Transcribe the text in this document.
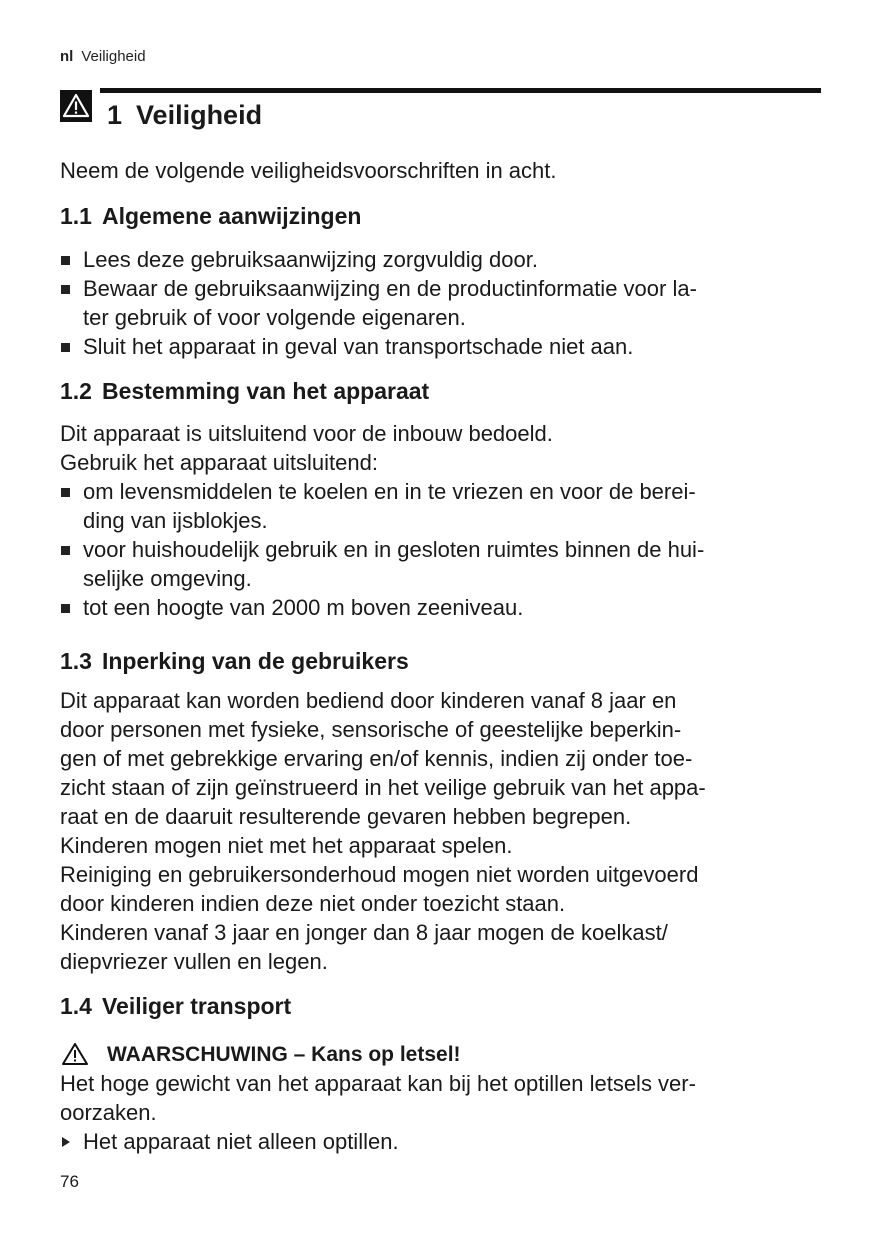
nl Veiligheid
1 Veiligheid
Neem de volgende veiligheidsvoorschriften in acht.
1.1 Algemene aanwijzingen
Lees deze gebruiksaanwijzing zorgvuldig door.
Bewaar de gebruiksaanwijzing en de productinformatie voor la-
ter gebruik of voor volgende eigenaren.
Sluit het apparaat in geval van transportschade niet aan.
1.2 Bestemming van het apparaat
Dit apparaat is uitsluitend voor de inbouw bedoeld.
Gebruik het apparaat uitsluitend:
om levensmiddelen te koelen en in te vriezen en voor de berei-
ding van ijsblokjes.
voor huishoudelijk gebruik en in gesloten ruimtes binnen de hui-
selijke omgeving.
tot een hoogte van 2000 m boven zeeniveau.
1.3 Inperking van de gebruikers
Dit apparaat kan worden bediend door kinderen vanaf 8 jaar en
door personen met fysieke, sensorische of geestelijke beperkin-
gen of met gebrekkige ervaring en/of kennis, indien zij onder toe-
zicht staan of zijn geïnstrueerd in het veilige gebruik van het appa-
raat en de daaruit resulterende gevaren hebben begrepen.
Kinderen mogen niet met het apparaat spelen.
Reiniging en gebruikersonderhoud mogen niet worden uitgevoerd
door kinderen indien deze niet onder toezicht staan.
Kinderen vanaf 3 jaar en jonger dan 8 jaar mogen de koelkast/
diepvriezer vullen en legen.
1.4 Veiliger transport
WAARSCHUWING – Kans op letsel!
Het hoge gewicht van het apparaat kan bij het optillen letsels ver-
oorzaken.
Het apparaat niet alleen optillen.
76
